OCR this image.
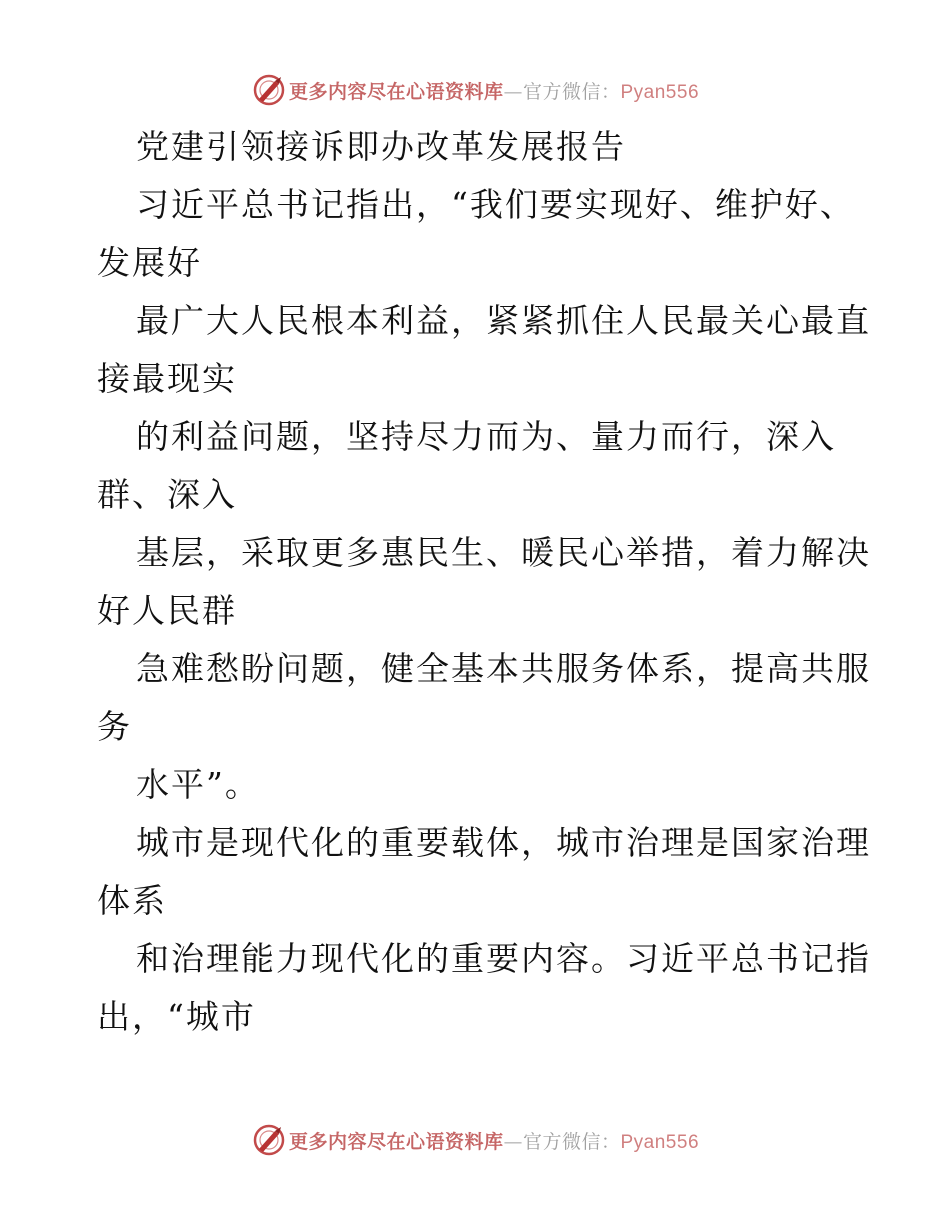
更多内容尽在心语资料库—官方微信：Pyan556
党建引领接诉即办改革发展报告
习近平总书记指出，“我们要实现好、维护好、
发展好
最广大人民根本利益，紧紧抓住人民最关心最直
接最现实
的利益问题，坚持尽力而为、量力而行，深入
群、深入
基层，采取更多惠民生、暖民心举措，着力解决
好人民群
急难愁盼问题，健全基本共服务体系，提高共服
务
水平”。
城市是现代化的重要载体，城市治理是国家治理
体系
和治理能力现代化的重要内容。习近平总书记指
出，“城市
更多内容尽在心语资料库—官方微信：Pyan556
